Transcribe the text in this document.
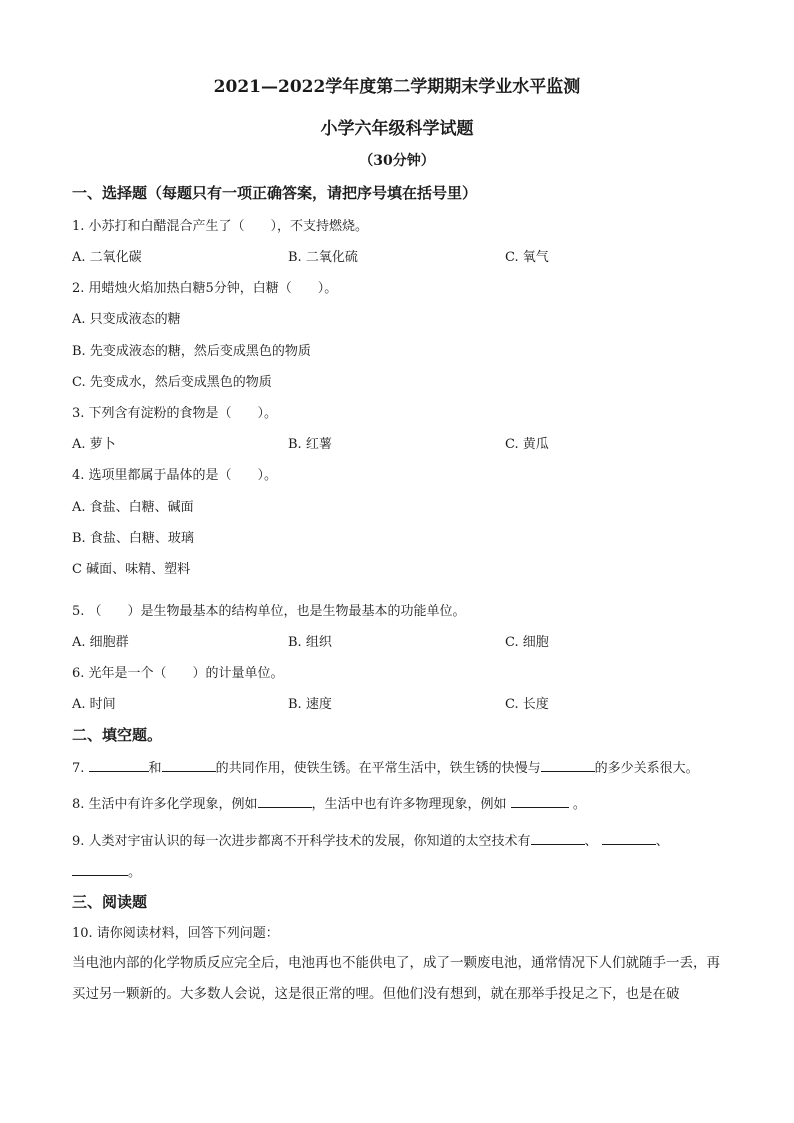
2021—2022学年度第二学期期末学业水平监测
小学六年级科学试题
（30分钟）
一、选择题（每题只有一项正确答案，请把序号填在括号里）
1. 小苏打和白醋混合产生了（　　），不支持燃烧。
A. 二氧化碳	B. 二氧化硫	C. 氧气
2. 用蜡烛火焰加热白糖5分钟，白糖（　　）。
A. 只变成液态的糖
B. 先变成液态的糖，然后变成黑色的物质
C. 先变成水，然后变成黑色的物质
3. 下列含有淀粉的食物是（　　）。
A. 萝卜	B. 红薯	C. 黄瓜
4. 选项里都属于晶体的是（　　）。
A. 食盐、白糖、碱面
B. 食盐、白糖、玻璃
C 碱面、味精、塑料
5. （　　）是生物最基本的结构单位，也是生物最基本的功能单位。
A. 细胞群	B. 组织	C. 细胞
6. 光年是一个（　　）的计量单位。
A. 时间	B. 速度	C. 长度
二、填空题。
7.	和	的共同作用，使铁生锈。在平常生活中，铁生锈的快慢与	的多少关系很大。
8. 生活中有许多化学现象，例如	，生活中也有许多物理现象，例如	。
9. 人类对宇宙认识的每一次进步都离不开科学技术的发展，你知道的太空技术有	、	、
。
三、阅读题
10. 请你阅读材料，回答下列问题：
当电池内部的化学物质反应完全后，电池再也不能供电了，成了一颗废电池，通常情况下人们就随手一丢，再买过另一颗新的。大多数人会说，这是很正常的哩。但他们没有想到，就在那举手投足之下，也是在破
